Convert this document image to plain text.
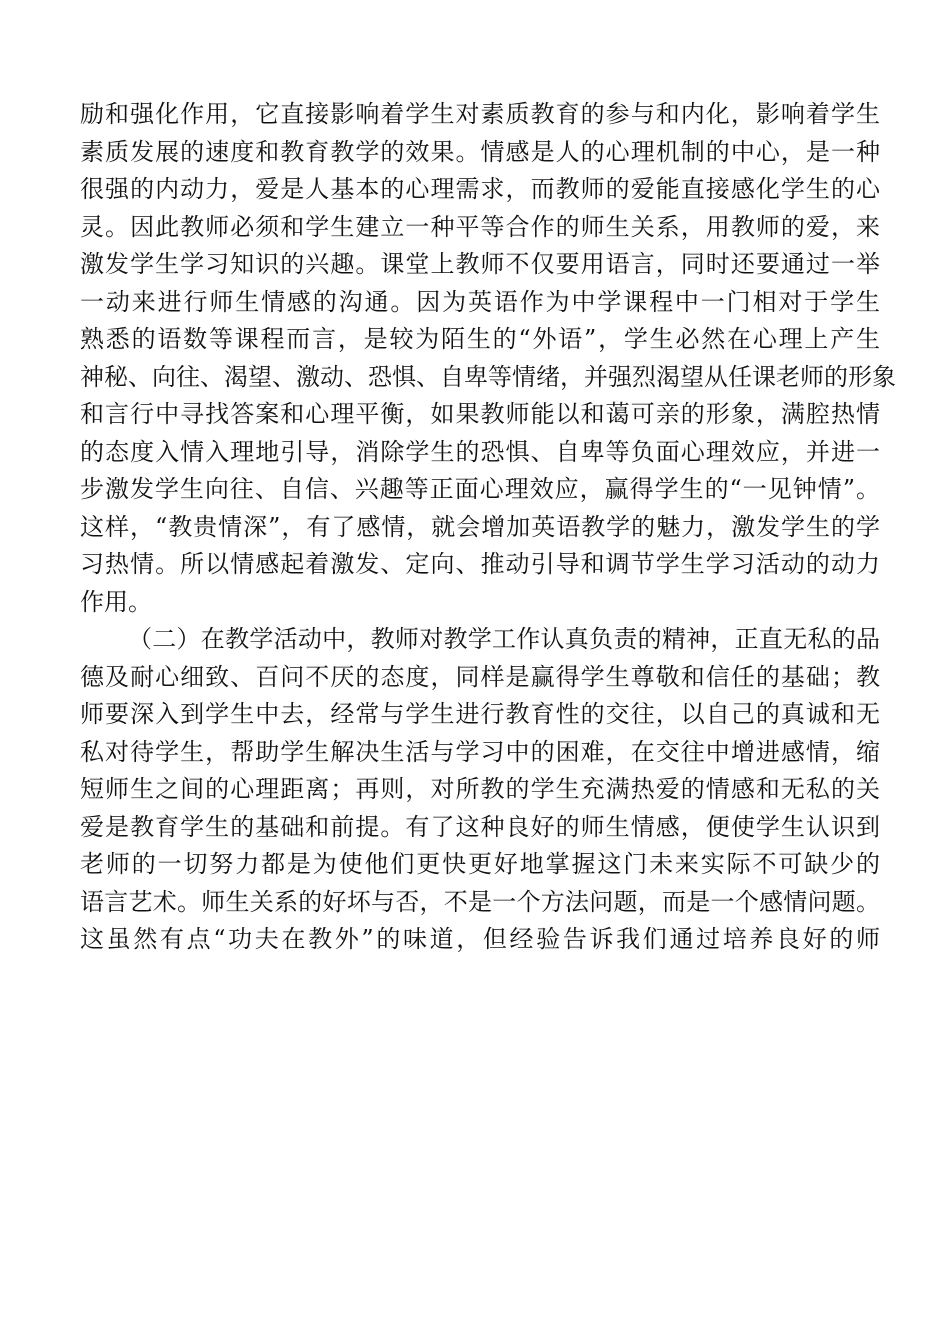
励和强化作用，它直接影响着学生对素质教育的参与和内化，影响着学生
素质发展的速度和教育教学的效果。情感是人的心理机制的中心，是一种
很强的内动力，爱是人基本的心理需求，而教师的爱能直接感化学生的心
灵。因此教师必须和学生建立一种平等合作的师生关系，用教师的爱，来
激发学生学习知识的兴趣。课堂上教师不仅要用语言，同时还要通过一举
一动来进行师生情感的沟通。因为英语作为中学课程中一门相对于学生
熟悉的语数等课程而言，是较为陌生的“外语”，学生必然在心理上产生
神秘、向往、渴望、激动、恐惧、自卑等情绪，并强烈渴望从任课老师的形象
和言行中寻找答案和心理平衡，如果教师能以和蔼可亲的形象，满腔热情
的态度入情入理地引导，消除学生的恐惧、自卑等负面心理效应，并进一
步激发学生向往、自信、兴趣等正面心理效应，赢得学生的“一见钟情”。
这样，“教贵情深”，有了感情，就会增加英语教学的魅力，激发学生的学
习热情。所以情感起着激发、定向、推动引导和调节学生学习活动的动力
作用。
（二）在教学活动中，教师对教学工作认真负责的精神，正直无私的品
德及耐心细致、百问不厌的态度，同样是赢得学生尊敬和信任的基础；教
师要深入到学生中去，经常与学生进行教育性的交往，以自己的真诚和无
私对待学生，帮助学生解决生活与学习中的困难，在交往中增进感情，缩
短师生之间的心理距离；再则，对所教的学生充满热爱的情感和无私的关
爱是教育学生的基础和前提。有了这种良好的师生情感，便使学生认识到
老师的一切努力都是为使他们更快更好地掌握这门未来实际不可缺少的
语言艺术。师生关系的好坏与否，不是一个方法问题，而是一个感情问题。
这虽然有点“功夫在教外”的味道，但经验告诉我们通过培养良好的师
